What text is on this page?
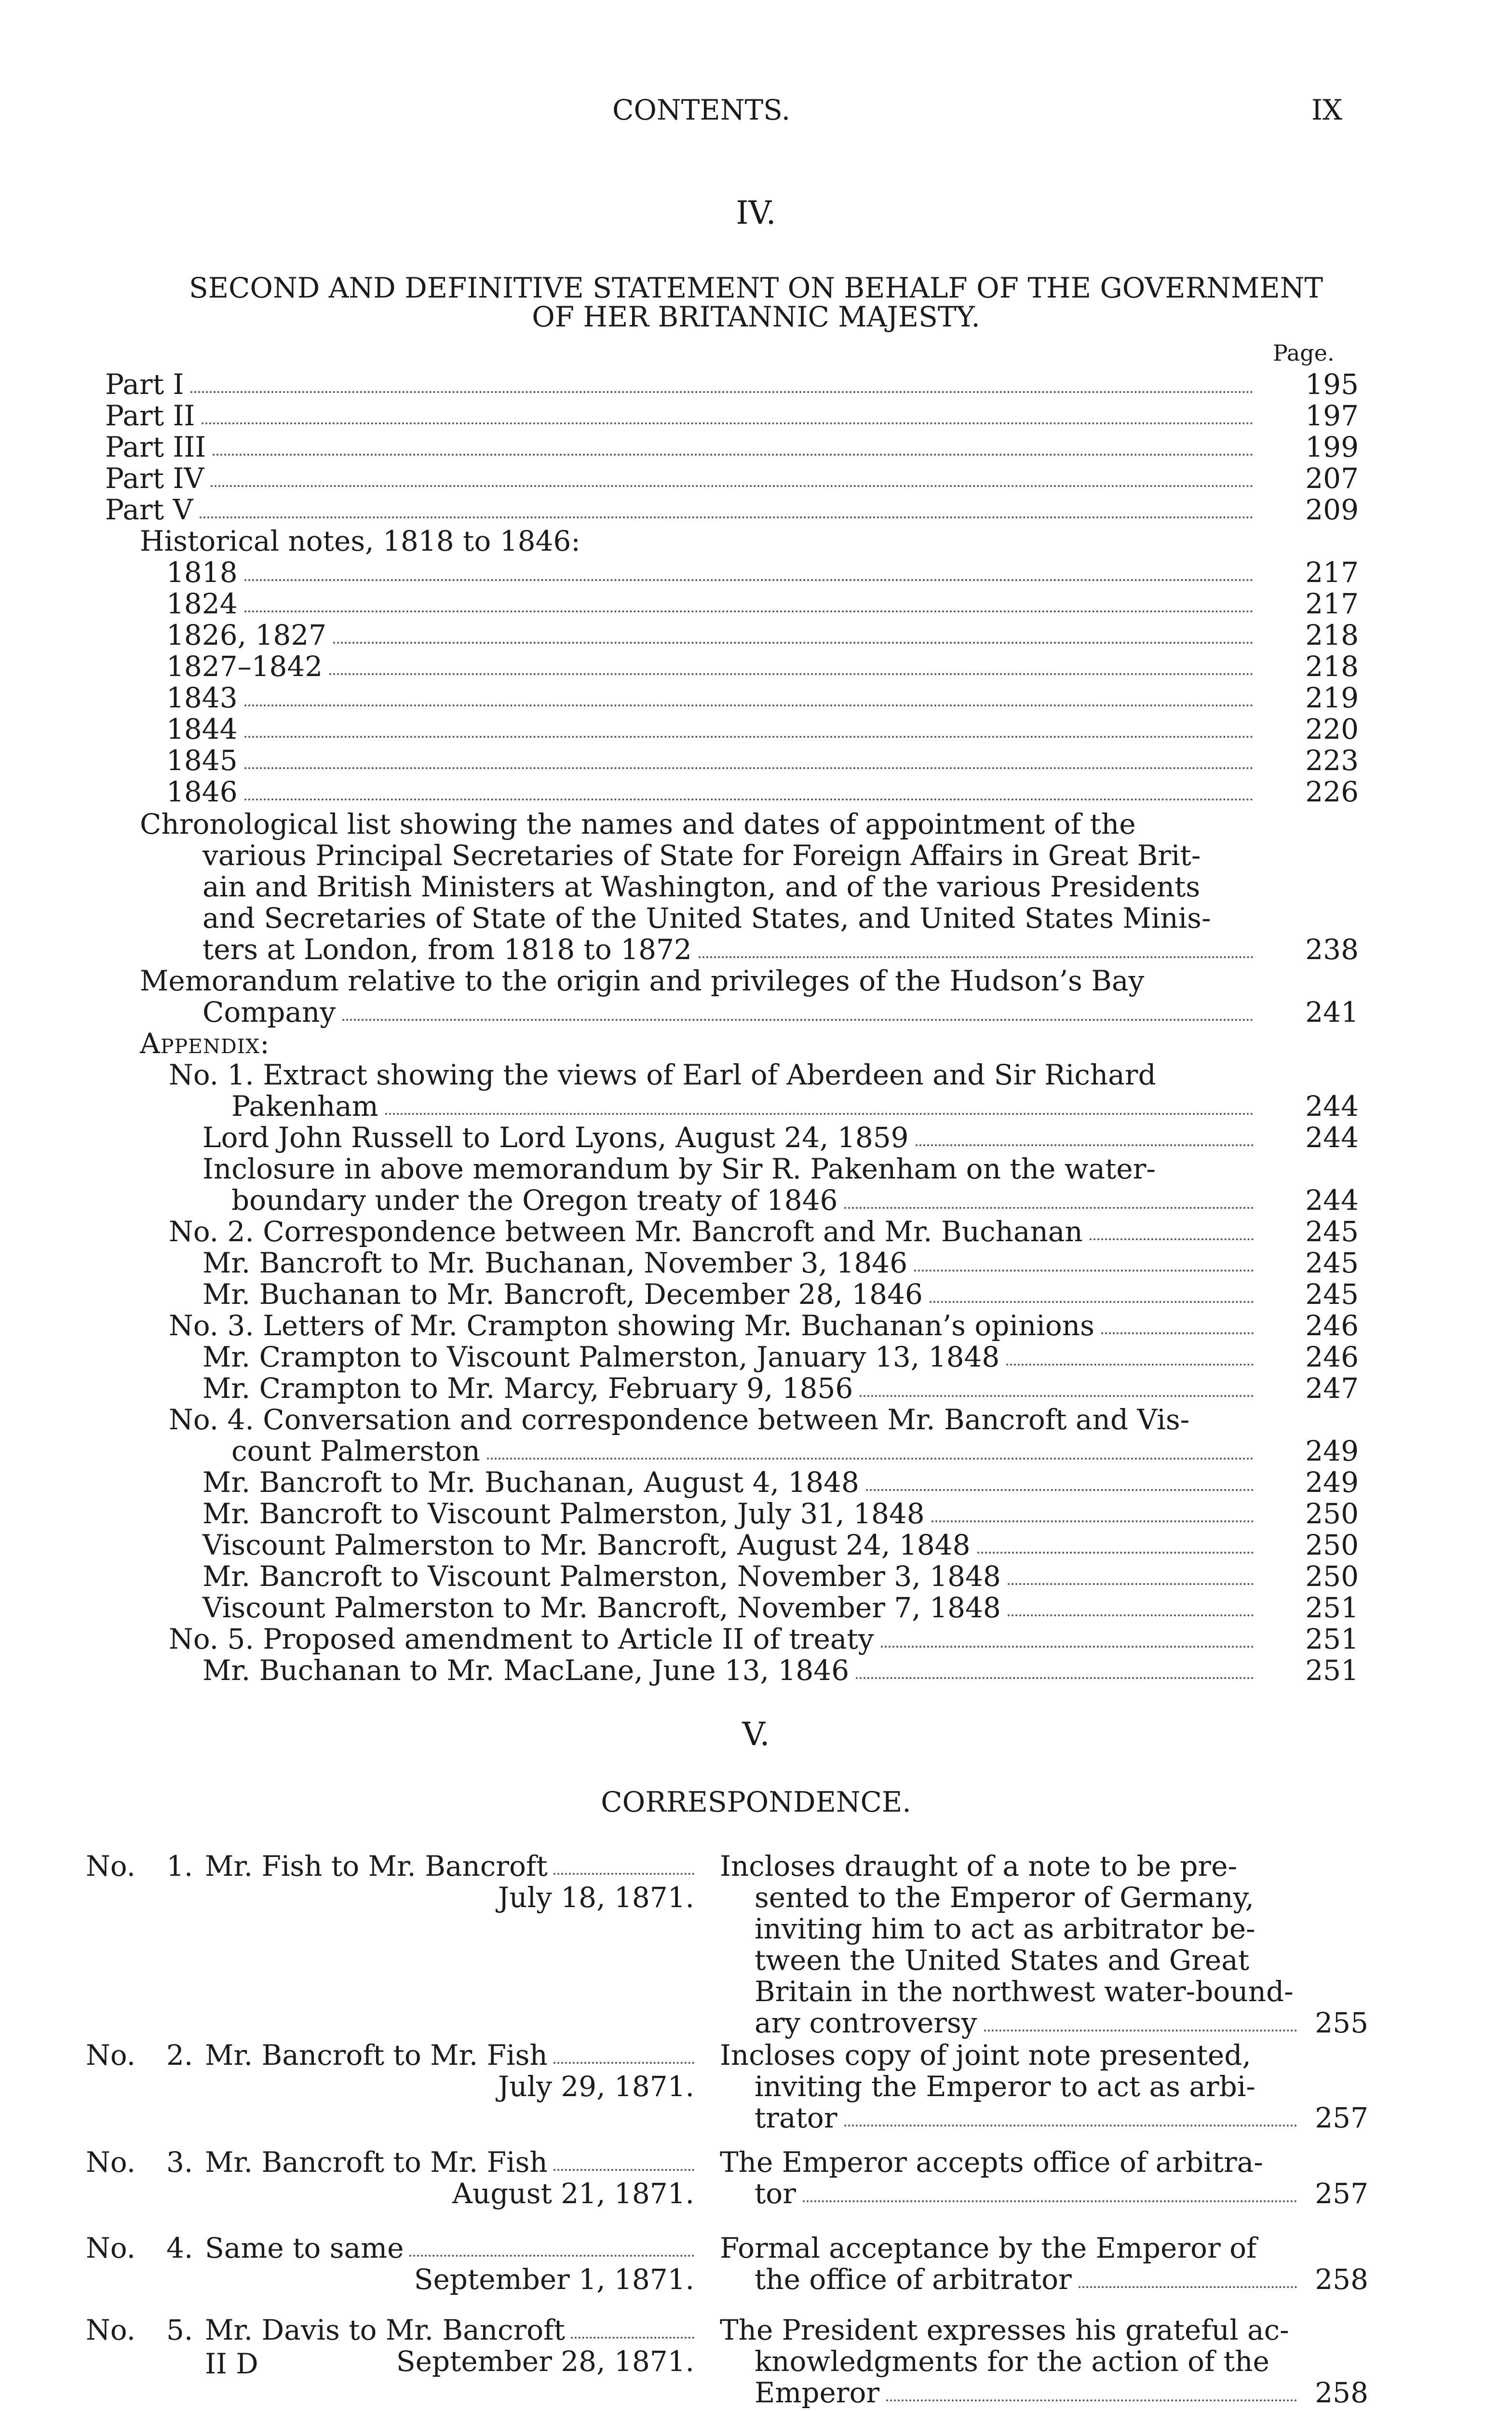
CONTENTS.	IX
IV.
SECOND AND DEFINITIVE STATEMENT ON BEHALF OF THE GOVERNMENT
OF HER BRITANNIC MAJESTY.
Page.
Part I	195
Part II	197
Part III	199
Part IV	207
Part V	209
Historical notes, 1818 to 1846:
1818	217
1824	217
1826, 1827	218
1827–1842	218
1843	219
1844	220
1845	223
1846	226
Chronological list showing the names and dates of appointment of the
various Principal Secretaries of State for Foreign Affairs in Great Brit-
ain and British Ministers at Washington, and of the various Presidents
and Secretaries of State of the United States, and United States Minis-
ters at London, from 1818 to 1872	238
Memorandum relative to the origin and privileges of the Hudson’s Bay
Company	241
Appendix:
No. 1. Extract showing the views of Earl of Aberdeen and Sir Richard
Pakenham	244
Lord John Russell to Lord Lyons, August 24, 1859	244
Inclosure in above memorandum by Sir R. Pakenham on the water-
boundary under the Oregon treaty of 1846	244
No. 2. Correspondence between Mr. Bancroft and Mr. Buchanan	245
Mr. Bancroft to Mr. Buchanan, November 3, 1846	245
Mr. Buchanan to Mr. Bancroft, December 28, 1846	245
No. 3. Letters of Mr. Crampton showing Mr. Buchanan’s opinions	246
Mr. Crampton to Viscount Palmerston, January 13, 1848	246
Mr. Crampton to Mr. Marcy, February 9, 1856	247
No. 4. Conversation and correspondence between Mr. Bancroft and Vis-
count Palmerston	249
Mr. Bancroft to Mr. Buchanan, August 4, 1848	249
Mr. Bancroft to Viscount Palmerston, July 31, 1848	250
Viscount Palmerston to Mr. Bancroft, August 24, 1848	250
Mr. Bancroft to Viscount Palmerston, November 3, 1848	250
Viscount Palmerston to Mr. Bancroft, November 7, 1848	251
No. 5. Proposed amendment to Article II of treaty	251
Mr. Buchanan to Mr. MacLane, June 13, 1846	251
V.
CORRESPONDENCE.
No. 1. Mr. Fish to Mr. Bancroft
July 18, 1871.
Incloses draught of a note to be pre-
sented to the Emperor of Germany,
inviting him to act as arbitrator be-
tween the United States and Great
Britain in the northwest water-bound-
ary controversy	255
No. 2. Mr. Bancroft to Mr. Fish
July 29, 1871.
Incloses copy of joint note presented,
inviting the Emperor to act as arbi-
trator	257
No. 3. Mr. Bancroft to Mr. Fish
August 21, 1871.
The Emperor accepts office of arbitra-
tor	257
No. 4. Same to same
September 1, 1871.
Formal acceptance by the Emperor of
the office of arbitrator	258
No. 5. Mr. Davis to Mr. Bancroft
September 28, 1871.
The President expresses his grateful ac-
knowledgments for the action of the
Emperor	258
II D
